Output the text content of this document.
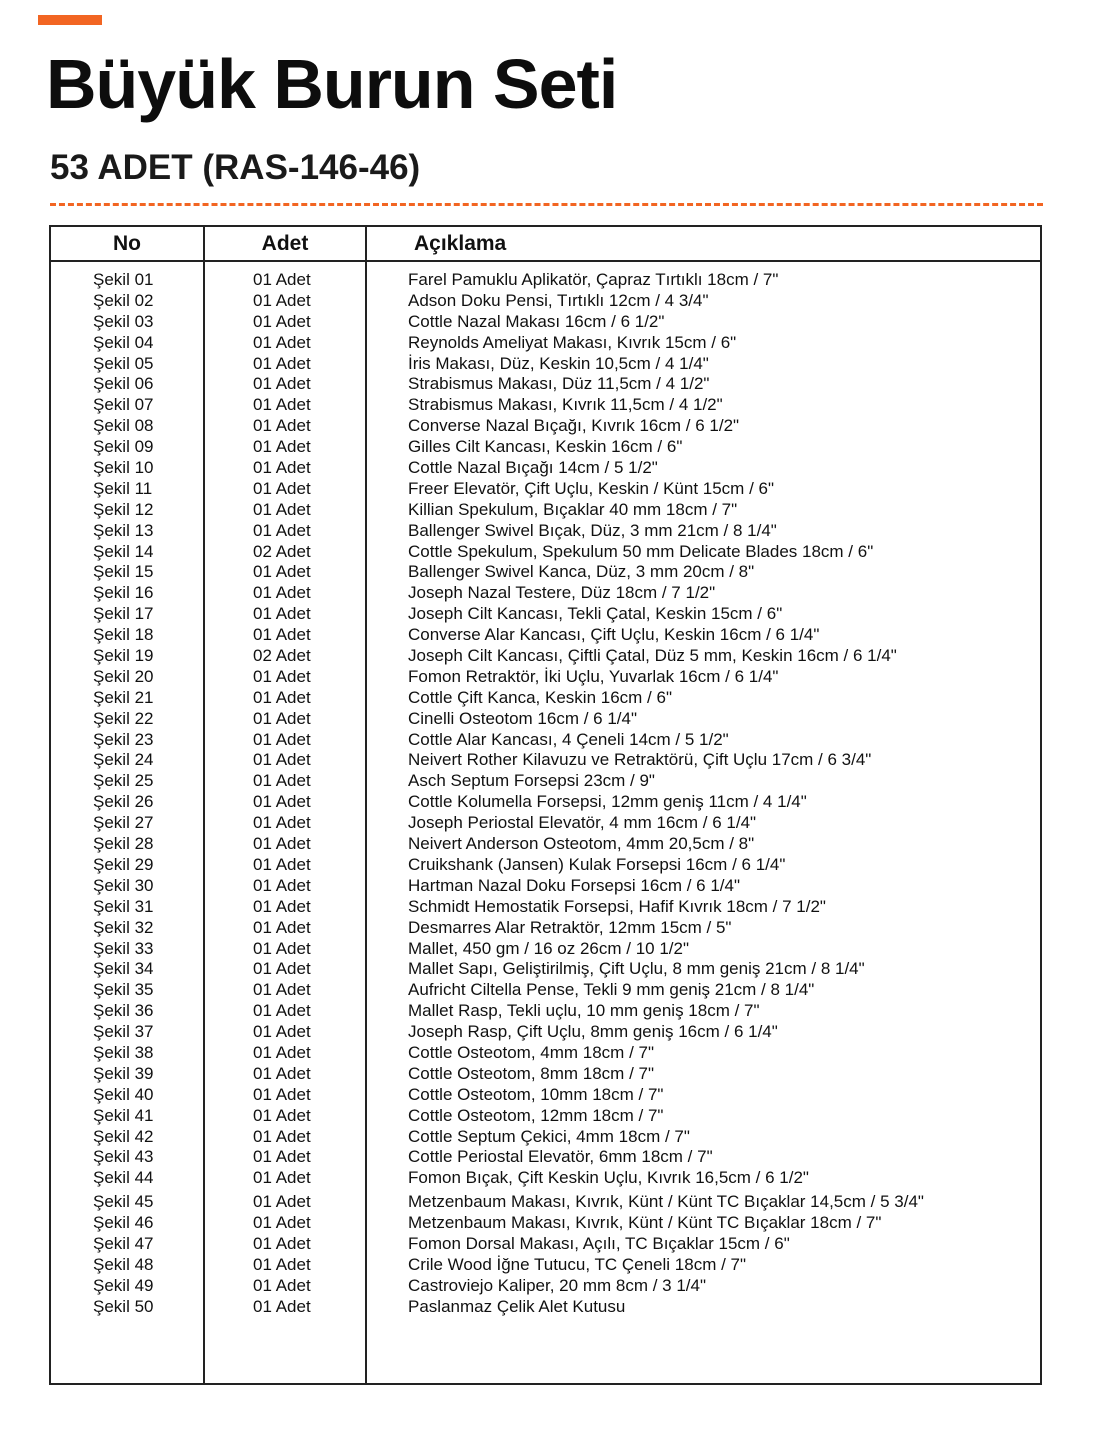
Büyük Burun Seti
53 ADET (RAS-146-46)
No	Adet	Açıklama
Şekil 01	01 Adet	Farel Pamuklu Aplikatör, Çapraz Tırtıklı 18cm / 7"
Şekil 02	01 Adet	Adson Doku Pensi, Tırtıklı 12cm / 4 3/4"
Şekil 03	01 Adet	Cottle Nazal Makası 16cm / 6 1/2"
Şekil 04	01 Adet	Reynolds Ameliyat Makası, Kıvrık 15cm / 6"
Şekil 05	01 Adet	İris Makası, Düz, Keskin 10,5cm / 4 1/4"
Şekil 06	01 Adet	Strabismus Makası, Düz 11,5cm / 4 1/2"
Şekil 07	01 Adet	Strabismus Makası, Kıvrık 11,5cm / 4 1/2"
Şekil 08	01 Adet	Converse Nazal Bıçağı, Kıvrık 16cm / 6 1/2"
Şekil 09	01 Adet	Gilles Cilt Kancası, Keskin 16cm / 6"
Şekil 10	01 Adet	Cottle Nazal Bıçağı 14cm / 5 1/2"
Şekil 11	01 Adet	Freer Elevatör, Çift Uçlu, Keskin / Künt 15cm / 6"
Şekil 12	01 Adet	Killian Spekulum, Bıçaklar 40 mm 18cm / 7"
Şekil 13	01 Adet	Ballenger Swivel Bıçak, Düz, 3 mm 21cm / 8 1/4"
Şekil 14	02 Adet	Cottle Spekulum, Spekulum 50 mm Delicate Blades 18cm / 6"
Şekil 15	01 Adet	Ballenger Swivel Kanca, Düz, 3 mm 20cm / 8"
Şekil 16	01 Adet	Joseph Nazal Testere, Düz 18cm / 7 1/2"
Şekil 17	01 Adet	Joseph Cilt Kancası, Tekli Çatal, Keskin 15cm / 6"
Şekil 18	01 Adet	Converse Alar Kancası, Çift Uçlu, Keskin 16cm / 6 1/4"
Şekil 19	02 Adet	Joseph Cilt Kancası, Çiftli Çatal, Düz 5 mm, Keskin 16cm / 6 1/4"
Şekil 20	01 Adet	Fomon Retraktör, İki Uçlu, Yuvarlak 16cm / 6 1/4"
Şekil 21	01 Adet	Cottle Çift Kanca, Keskin 16cm / 6"
Şekil 22	01 Adet	Cinelli Osteotom 16cm / 6 1/4"
Şekil 23	01 Adet	Cottle Alar Kancası, 4 Çeneli 14cm / 5 1/2"
Şekil 24	01 Adet	Neivert Rother Kilavuzu ve Retraktörü, Çift Uçlu 17cm / 6 3/4"
Şekil 25	01 Adet	Asch Septum Forsepsi 23cm / 9"
Şekil 26	01 Adet	Cottle Kolumella Forsepsi, 12mm geniş 11cm / 4 1/4"
Şekil 27	01 Adet	Joseph Periostal Elevatör, 4 mm 16cm / 6 1/4"
Şekil 28	01 Adet	Neivert Anderson Osteotom, 4mm 20,5cm / 8"
Şekil 29	01 Adet	Cruikshank (Jansen) Kulak Forsepsi 16cm / 6 1/4"
Şekil 30	01 Adet	Hartman Nazal Doku Forsepsi 16cm / 6 1/4"
Şekil 31	01 Adet	Schmidt Hemostatik Forsepsi, Hafif Kıvrık 18cm / 7 1/2"
Şekil 32	01 Adet	Desmarres Alar Retraktör, 12mm 15cm / 5"
Şekil 33	01 Adet	Mallet, 450 gm / 16 oz 26cm / 10 1/2"
Şekil 34	01 Adet	Mallet Sapı, Geliştirilmiş, Çift Uçlu, 8 mm geniş 21cm / 8 1/4"
Şekil 35	01 Adet	Aufricht Ciltella Pense, Tekli 9 mm geniş 21cm / 8 1/4"
Şekil 36	01 Adet	Mallet Rasp, Tekli uçlu, 10 mm geniş 18cm / 7"
Şekil 37	01 Adet	Joseph Rasp, Çift Uçlu, 8mm geniş 16cm / 6 1/4"
Şekil 38	01 Adet	Cottle Osteotom, 4mm 18cm / 7"
Şekil 39	01 Adet	Cottle Osteotom, 8mm 18cm / 7"
Şekil 40	01 Adet	Cottle Osteotom, 10mm 18cm / 7"
Şekil 41	01 Adet	Cottle Osteotom, 12mm 18cm / 7"
Şekil 42	01 Adet	Cottle Septum Çekici, 4mm 18cm / 7"
Şekil 43	01 Adet	Cottle Periostal Elevatör, 6mm 18cm / 7"
Şekil 44	01 Adet	Fomon Bıçak, Çift Keskin Uçlu, Kıvrık 16,5cm / 6 1/2"
Şekil 45	01 Adet	Metzenbaum Makası, Kıvrık, Künt / Künt TC Bıçaklar 14,5cm / 5 3/4"
Şekil 46	01 Adet	Metzenbaum Makası, Kıvrık, Künt / Künt TC Bıçaklar 18cm / 7"
Şekil 47	01 Adet	Fomon Dorsal Makası, Açılı, TC Bıçaklar 15cm / 6"
Şekil 48	01 Adet	Crile Wood İğne Tutucu, TC Çeneli 18cm / 7"
Şekil 49	01 Adet	Castroviejo Kaliper, 20 mm 8cm / 3 1/4"
Şekil 50	01 Adet	Paslanmaz Çelik Alet Kutusu
